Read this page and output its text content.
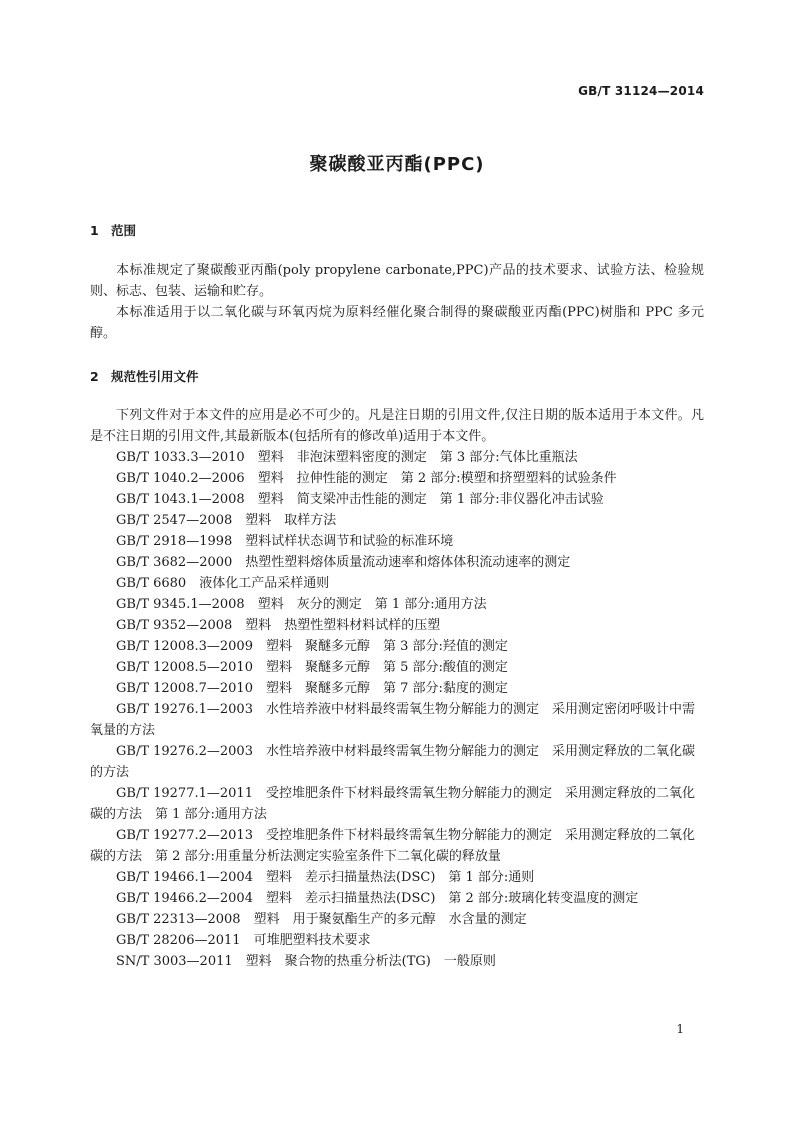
GB/T 31124—2014
聚碳酸亚丙酯(PPC)
1 范围

本标准规定了聚碳酸亚丙酯(poly propylene carbonate,PPC)产品的技术要求、试验方法、检验规则、标志、包装、运输和贮存。

本标准适用于以二氧化碳与环氧丙烷为原料经催化聚合制得的聚碳酸亚丙酯(PPC)树脂和 PPC 多元醇。

2 规范性引用文件

下列文件对于本文件的应用是必不可少的。凡是注日期的引用文件,仅注日期的版本适用于本文件。凡是不注日期的引用文件,其最新版本(包括所有的修改单)适用于本文件。

GB/T 1033.3—2010 塑料　非泡沫塑料密度的测定　第 3 部分:气体比重瓶法
GB/T 1040.2—2006 塑料　拉伸性能的测定　第 2 部分:模塑和挤塑塑料的试验条件
GB/T 1043.1—2008 塑料　简支梁冲击性能的测定　第 1 部分:非仪器化冲击试验
GB/T 2547—2008 塑料　取样方法
GB/T 2918—1998 塑料试样状态调节和试验的标准环境
GB/T 3682—2000 热塑性塑料熔体质量流动速率和熔体体积流动速率的测定
GB/T 6680 液体化工产品采样通则
GB/T 9345.1—2008 塑料　灰分的测定　第 1 部分:通用方法
GB/T 9352—2008 塑料　热塑性塑料材料试样的压塑
GB/T 12008.3—2009 塑料　聚醚多元醇　第 3 部分:羟值的测定
GB/T 12008.5—2010 塑料　聚醚多元醇　第 5 部分:酸值的测定
GB/T 12008.7—2010 塑料　聚醚多元醇　第 7 部分:黏度的测定
GB/T 19276.1—2003 水性培养液中材料最终需氧生物分解能力的测定　采用测定密闭呼吸计中需氧量的方法
GB/T 19276.2—2003 水性培养液中材料最终需氧生物分解能力的测定　采用测定释放的二氧化碳的方法
GB/T 19277.1—2011 受控堆肥条件下材料最终需氧生物分解能力的测定　采用测定释放的二氧化碳的方法　第 1 部分:通用方法
GB/T 19277.2—2013 受控堆肥条件下材料最终需氧生物分解能力的测定　采用测定释放的二氧化碳的方法　第 2 部分:用重量分析法测定实验室条件下二氧化碳的释放量
GB/T 19466.1—2004 塑料　差示扫描量热法(DSC)　第 1 部分:通则
GB/T 19466.2—2004 塑料　差示扫描量热法(DSC)　第 2 部分:玻璃化转变温度的测定
GB/T 22313—2008 塑料　用于聚氨酯生产的多元醇　水含量的测定
GB/T 28206—2011 可堆肥塑料技术要求
SN/T 3003—2011 塑料　聚合物的热重分析法(TG)　一般原则
1
